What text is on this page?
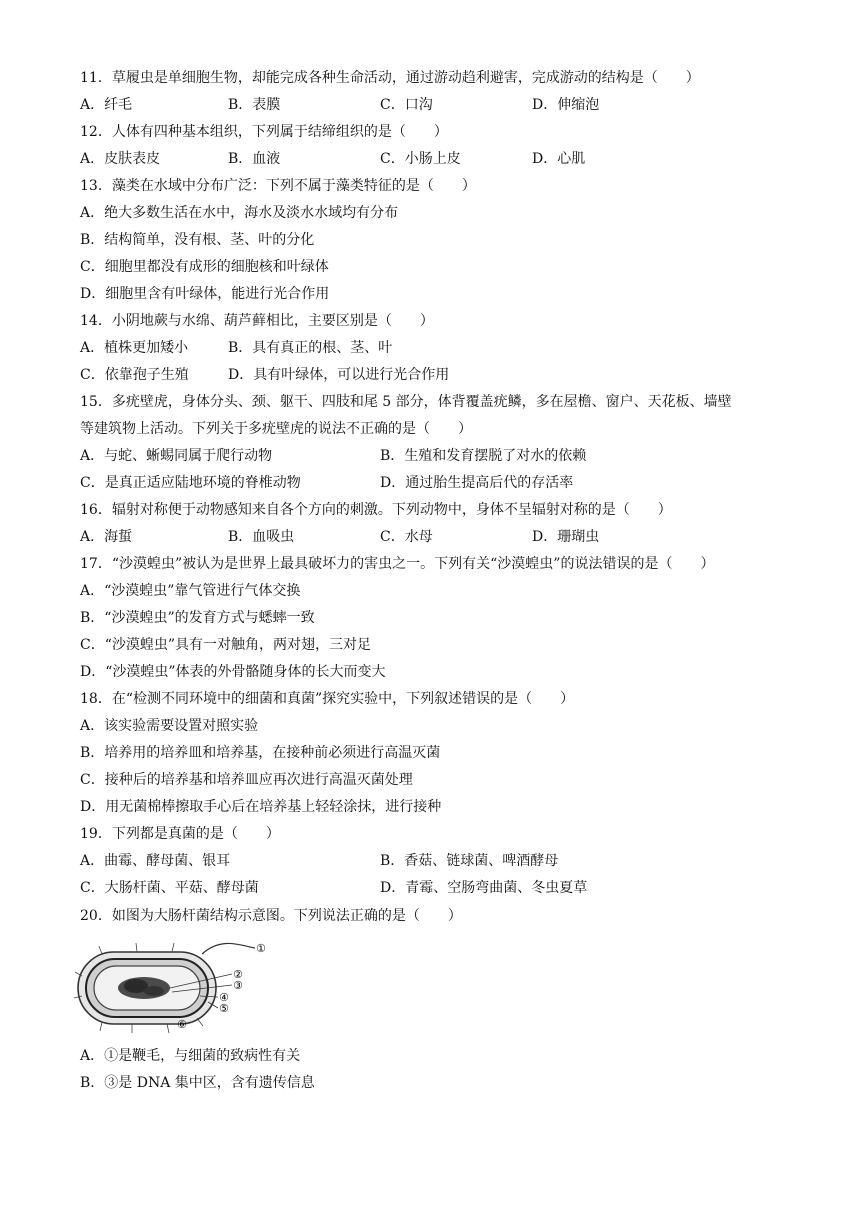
11．草履虫是单细胞生物，却能完成各种生命活动，通过游动趋利避害，完成游动的结构是（　　）
A．纤毛	B．表膜	C．口沟	D．伸缩泡
12．人体有四种基本组织，下列属于结缔组织的是（　　）
A．皮肤表皮	B．血液	C．小肠上皮	D．心肌
13．藻类在水域中分布广泛：下列不属于藻类特征的是（　　）
A．绝大多数生活在水中，海水及淡水水域均有分布
B．结构简单，没有根、茎、叶的分化
C．细胞里都没有成形的细胞核和叶绿体
D．细胞里含有叶绿体，能进行光合作用
14．小阴地蕨与水绵、葫芦藓相比，主要区别是（　　）
A．植株更加矮小	B．具有真正的根、茎、叶
C．依靠孢子生殖	D．具有叶绿体，可以进行光合作用
15．多疣壁虎，身体分头、颈、躯干、四肢和尾 5 部分，体背覆盖疣鳞，多在屋檐、窗户、天花板、墙壁
等建筑物上活动。下列关于多疣壁虎的说法不正确的是（　　）
A．与蛇、蜥蜴同属于爬行动物	B．生殖和发育摆脱了对水的依赖
C．是真正适应陆地环境的脊椎动物	D．通过胎生提高后代的存活率
16．辐射对称便于动物感知来自各个方向的刺激。下列动物中，身体不呈辐射对称的是（　　）
A．海蜇	B．血吸虫	C．水母	D．珊瑚虫
17．“沙漠蝗虫”被认为是世界上最具破坏力的害虫之一。下列有关“沙漠蝗虫”的说法错误的是（　　）
A．“沙漠蝗虫”靠气管进行气体交换
B．“沙漠蝗虫”的发育方式与蟋蟀一致
C．“沙漠蝗虫”具有一对触角，两对翅，三对足
D．“沙漠蝗虫”体表的外骨骼随身体的长大而变大
18．在“检测不同环境中的细菌和真菌”探究实验中，下列叙述错误的是（　　）
A．该实验需要设置对照实验
B．培养用的培养皿和培养基，在接种前必须进行高温灭菌
C．接种后的培养基和培养皿应再次进行高温灭菌处理
D．用无菌棉棒擦取手心后在培养基上轻轻涂抹，进行接种
19．下列都是真菌的是（　　）
A．曲霉、酵母菌、银耳	B．香菇、链球菌、啤酒酵母
C．大肠杆菌、平菇、酵母菌	D．青霉、空肠弯曲菌、冬虫夏草
20．如图为大肠杆菌结构示意图。下列说法正确的是（　　）
①
②
③
④
⑤
⑥
A．①是鞭毛，与细菌的致病性有关
B．③是 DNA 集中区，含有遗传信息
